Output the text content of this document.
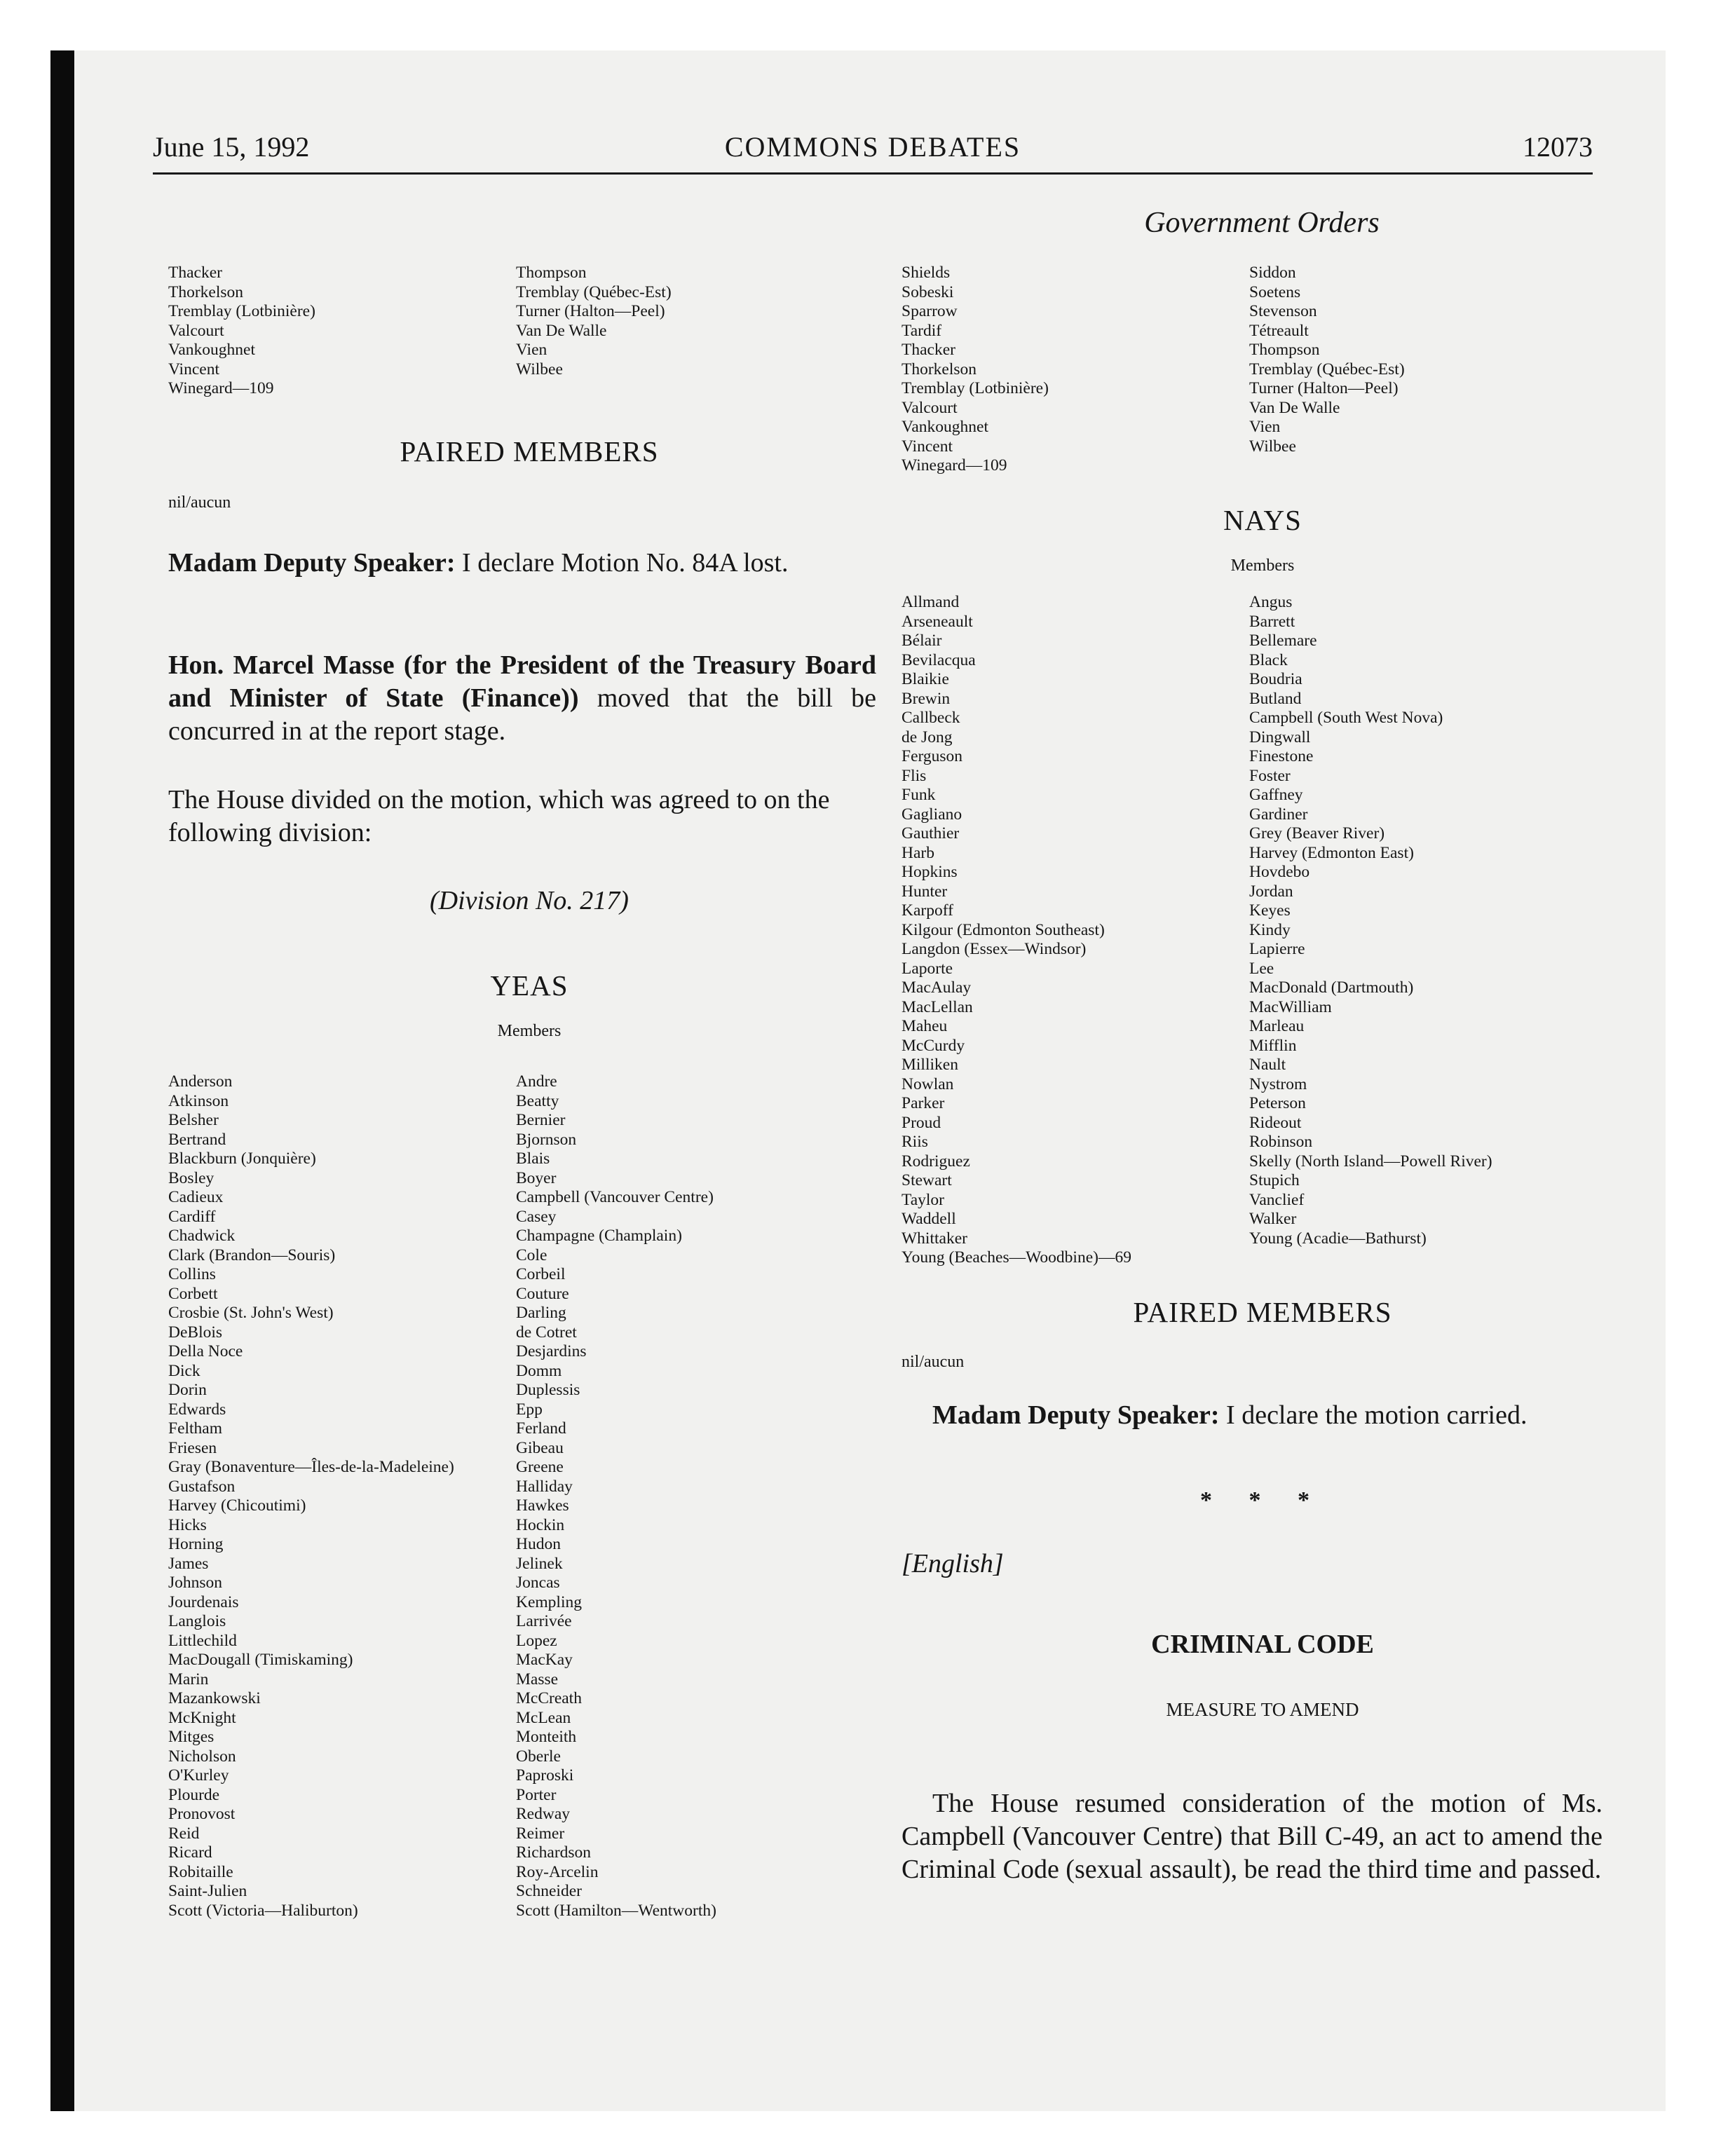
June 15, 1992	COMMONS DEBATES	12073
Government Orders
Thacker
Thorkelson
Tremblay (Lotbinière)
Valcourt
Vankoughnet
Vincent
Winegard—109
Thompson
Tremblay (Québec-Est)
Turner (Halton—Peel)
Van De Walle
Vien
Wilbee
PAIRED MEMBERS

nil/aucun

Madam Deputy Speaker: I declare Motion No. 84A lost.

Hon. Marcel Masse (for the President of the Treasury Board and Minister of State (Finance)) moved that the bill be concurred in at the report stage.

The House divided on the motion, which was agreed to on the following division:

(Division No. 217)

YEAS

Members

Anderson
Atkinson
Belsher
Bertrand
Blackburn (Jonquière)
Bosley
Cadieux
Cardiff
Chadwick
Clark (Brandon—Souris)
Collins
Corbett
Crosbie (St. John's West)
DeBlois
Della Noce
Dick
Dorin
Edwards
Feltham
Friesen
Gray (Bonaventure—Îles-de-la-Madeleine)
Gustafson
Harvey (Chicoutimi)
Hicks
Horning
James
Johnson
Jourdenais
Langlois
Littlechild
MacDougall (Timiskaming)
Marin
Mazankowski
McKnight
Mitges
Nicholson
O'Kurley
Plourde
Pronovost
Reid
Ricard
Robitaille
Saint-Julien
Scott (Victoria—Haliburton)
Andre
Beatty
Bernier
Bjornson
Blais
Boyer
Campbell (Vancouver Centre)
Casey
Champagne (Champlain)
Cole
Corbeil
Couture
Darling
de Cotret
Desjardins
Domm
Duplessis
Epp
Ferland
Gibeau
Greene
Halliday
Hawkes
Hockin
Hudon
Jelinek
Joncas
Kempling
Larrivée
Lopez
MacKay
Masse
McCreath
McLean
Monteith
Oberle
Paproski
Porter
Redway
Reimer
Richardson
Roy-Arcelin
Schneider
Scott (Hamilton—Wentworth)
Shields
Sobeski
Sparrow
Tardif
Thacker
Thorkelson
Tremblay (Lotbinière)
Valcourt
Vankoughnet
Vincent
Winegard—109
Siddon
Soetens
Stevenson
Tétreault
Thompson
Tremblay (Québec-Est)
Turner (Halton—Peel)
Van De Walle
Vien
Wilbee
NAYS

Members

Allmand
Arseneault
Bélair
Bevilacqua
Blaikie
Brewin
Callbeck
de Jong
Ferguson
Flis
Funk
Gagliano
Gauthier
Harb
Hopkins
Hunter
Karpoff
Kilgour (Edmonton Southeast)
Langdon (Essex—Windsor)
Laporte
MacAulay
MacLellan
Maheu
McCurdy
Milliken
Nowlan
Parker
Proud
Riis
Rodriguez
Stewart
Taylor
Waddell
Whittaker
Young (Beaches—Woodbine)—69
Angus
Barrett
Bellemare
Black
Boudria
Butland
Campbell (South West Nova)
Dingwall
Finestone
Foster
Gaffney
Gardiner
Grey (Beaver River)
Harvey (Edmonton East)
Hovdebo
Jordan
Keyes
Kindy
Lapierre
Lee
MacDonald (Dartmouth)
MacWilliam
Marleau
Mifflin
Nault
Nystrom
Peterson
Rideout
Robinson
Skelly (North Island—Powell River)
Stupich
Vanclief
Walker
Young (Acadie—Bathurst)
PAIRED MEMBERS

nil/aucun

Madam Deputy Speaker: I declare the motion carried.

* * *

[English]

CRIMINAL CODE

MEASURE TO AMEND

The House resumed consideration of the motion of Ms. Campbell (Vancouver Centre) that Bill C-49, an act to amend the Criminal Code (sexual assault), be read the third time and passed.
